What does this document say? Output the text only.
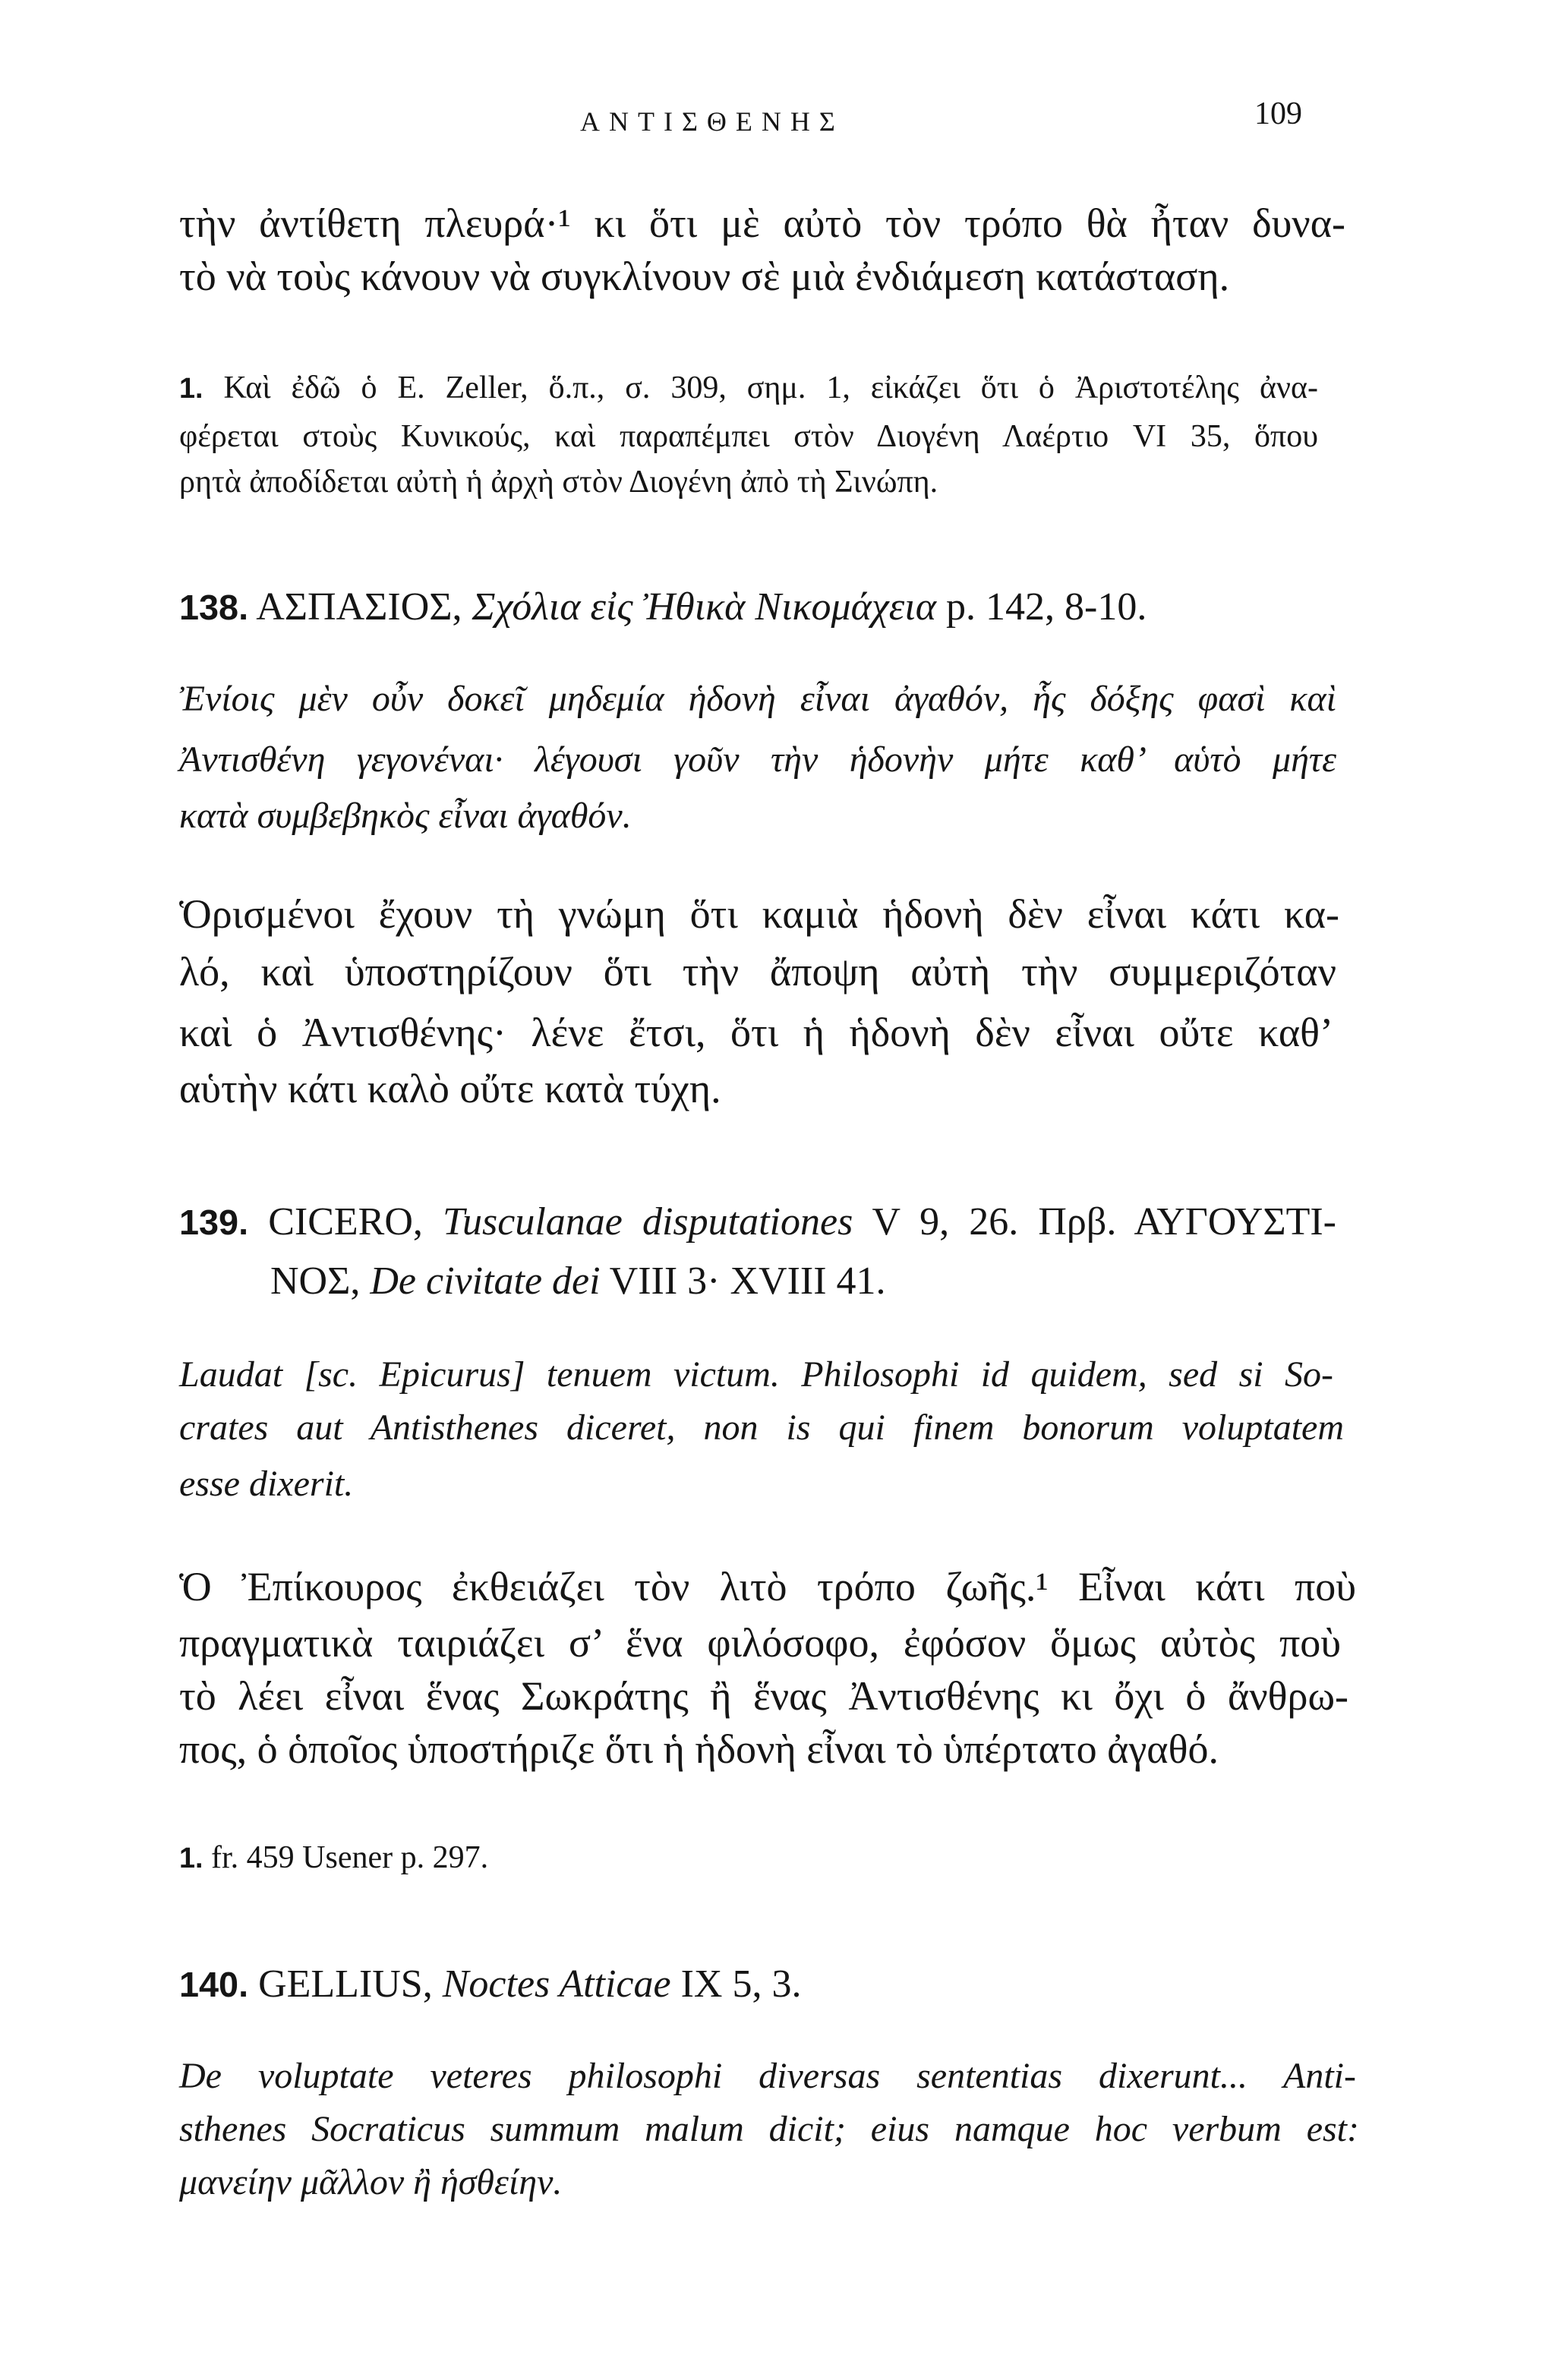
ΑΝΤΙΣΘΕΝΗΣ	109
τὴν ἀντίθετη πλευρά·¹ κι ὅτι μὲ αὐτὸ τὸν τρόπο θὰ ἦταν δυνα-
τὸ νὰ τοὺς κάνουν νὰ συγκλίνουν σὲ μιὰ ἐνδιάμεση κατάσταση.
1. Καὶ ἐδῶ ὁ E. Zeller, ὅ.π., σ. 309, σημ. 1, εἰκάζει ὅτι ὁ Ἀριστοτέλης ἀνα-
φέρεται στοὺς Κυνικούς, καὶ παραπέμπει στὸν Διογένη Λαέρτιο VI 35, ὅπου
ρητὰ ἀποδίδεται αὐτὴ ἡ ἀρχὴ στὸν Διογένη ἀπὸ τὴ Σινώπη.
138. ΑΣΠΑΣΙΟΣ, Σχόλια εἰς Ἠθικὰ Νικομάχεια p. 142, 8-10.
Ἐνίοις μὲν οὖν δοκεῖ μηδεμία ἡδονὴ εἶναι ἀγαθόν, ἧς δόξης φασὶ καὶ
Ἀντισθένη γεγονέναι· λέγουσι γοῦν τὴν ἡδονὴν μήτε καθ’ αὑτὸ μήτε
κατὰ συμβεβηκὸς εἶναι ἀγαθόν.
Ὁρισμένοι ἔχουν τὴ γνώμη ὅτι καμιὰ ἡδονὴ δὲν εἶναι κάτι κα-
λό, καὶ ὑποστηρίζουν ὅτι τὴν ἄποψη αὐτὴ τὴν συμμεριζόταν
καὶ ὁ Ἀντισθένης· λένε ἔτσι, ὅτι ἡ ἡδονὴ δὲν εἶναι οὔτε καθ’
αὑτὴν κάτι καλὸ οὔτε κατὰ τύχη.
139. CICERO, Tusculanae disputationes V 9, 26. Πρβ. ΑΥΓΟΥΣΤΙ-
ΝΟΣ, De civitate dei VIII 3· XVIII 41.
Laudat [sc. Epicurus] tenuem victum. Philosophi id quidem, sed si So-
crates aut Antisthenes diceret, non is qui finem bonorum voluptatem
esse dixerit.
Ὁ Ἐπίκουρος ἐκθειάζει τὸν λιτὸ τρόπο ζωῆς.¹ Εἶναι κάτι ποὺ
πραγματικὰ ταιριάζει σ’ ἕνα φιλόσοφο, ἐφόσον ὅμως αὐτὸς ποὺ
τὸ λέει εἶναι ἕνας Σωκράτης ἢ ἕνας Ἀντισθένης κι ὄχι ὁ ἄνθρω-
πος, ὁ ὁποῖος ὑποστήριζε ὅτι ἡ ἡδονὴ εἶναι τὸ ὑπέρτατο ἀγαθό.
1. fr. 459 Usener p. 297.
140. GELLIUS, Noctes Atticae IX 5, 3.
De voluptate veteres philosophi diversas sententias dixerunt... Anti-
sthenes Socraticus summum malum dicit; eius namque hoc verbum est:
μανείην μᾶλλον ἢ ἡσθείην.
